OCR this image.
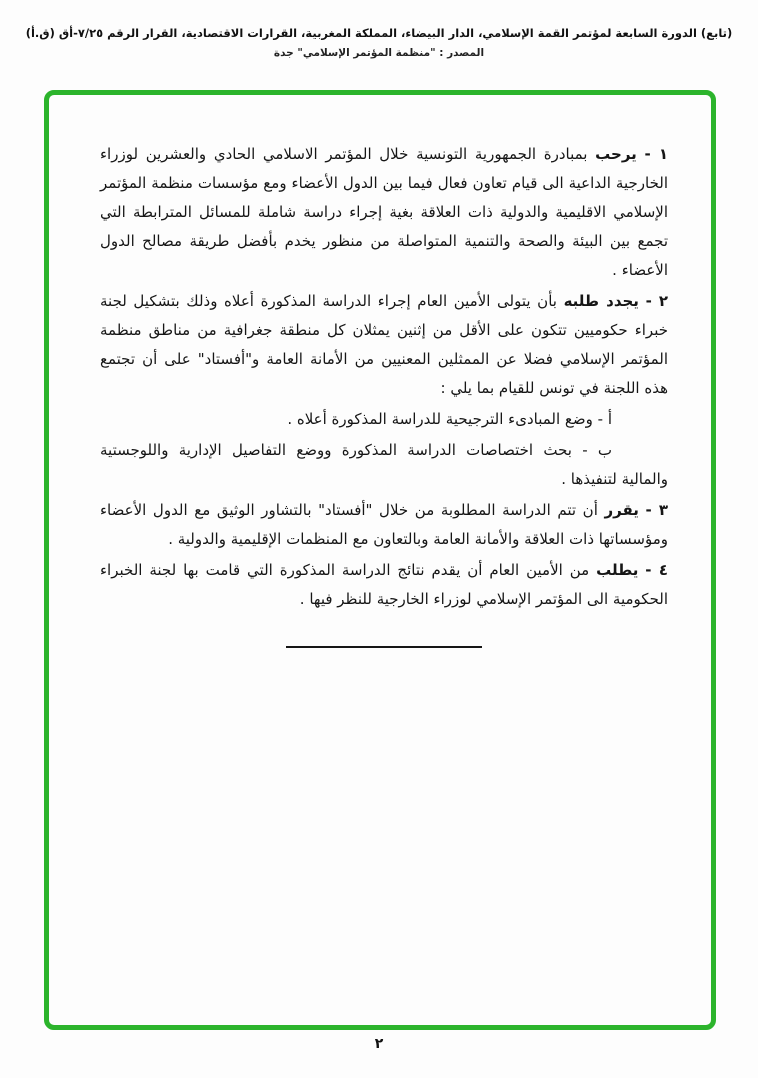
(تابع) الدورة السابعة لمؤتمر القمة الإسلامي، الدار البيضاء، المملكة المغربية، القرارات الاقتصادية، القرار الرقم ٧/٢٥-أق (ق.أ)

المصدر : "منظمة المؤتمر الإسلامي" جدة

١ - يرحب بمبادرة الجمهورية التونسية خلال المؤتمر الاسلامي الحادي والعشرين لوزراء الخارجية الداعية الى قيام تعاون فعال فيما بين الدول الأعضاء ومع مؤسسات منظمة المؤتمر الإسلامي الاقليمية والدولية ذات العلاقة بغية إجراء دراسة شاملة للمسائل المترابطة التي تجمع بين البيئة والصحة والتنمية المتواصلة من منظور يخدم بأفضل طريقة مصالح الدول الأعضاء .

٢ - يجدد طلبه بأن يتولى الأمين العام إجراء الدراسة المذكورة أعلاه وذلك بتشكيل لجنة خبراء حكوميين تتكون على الأقل من إثنين يمثلان كل منطقة جغرافية من مناطق منظمة المؤتمر الإسلامي فضلا عن الممثلين المعنيين من الأمانة العامة و"أفستاد" على أن تجتمع هذه اللجنة في تونس للقيام بما يلي :

أ - وضع المبادىء الترجيحية للدراسة المذكورة أعلاه .

ب - بحث اختصاصات الدراسة المذكورة ووضع التفاصيل الإدارية واللوجستية والمالية لتنفيذها .

٣ - يقرر أن تتم الدراسة المطلوبة من خلال "أفستاد" بالتشاور الوثيق مع الدول الأعضاء ومؤسساتها ذات العلاقة والأمانة العامة وبالتعاون مع المنظمات الإقليمية والدولية .

٤ - يطلب من الأمين العام أن يقدم نتائج الدراسة المذكورة التي قامت بها لجنة الخبراء الحكومية الى المؤتمر الإسلامي لوزراء الخارجية للنظر فيها .

٢
